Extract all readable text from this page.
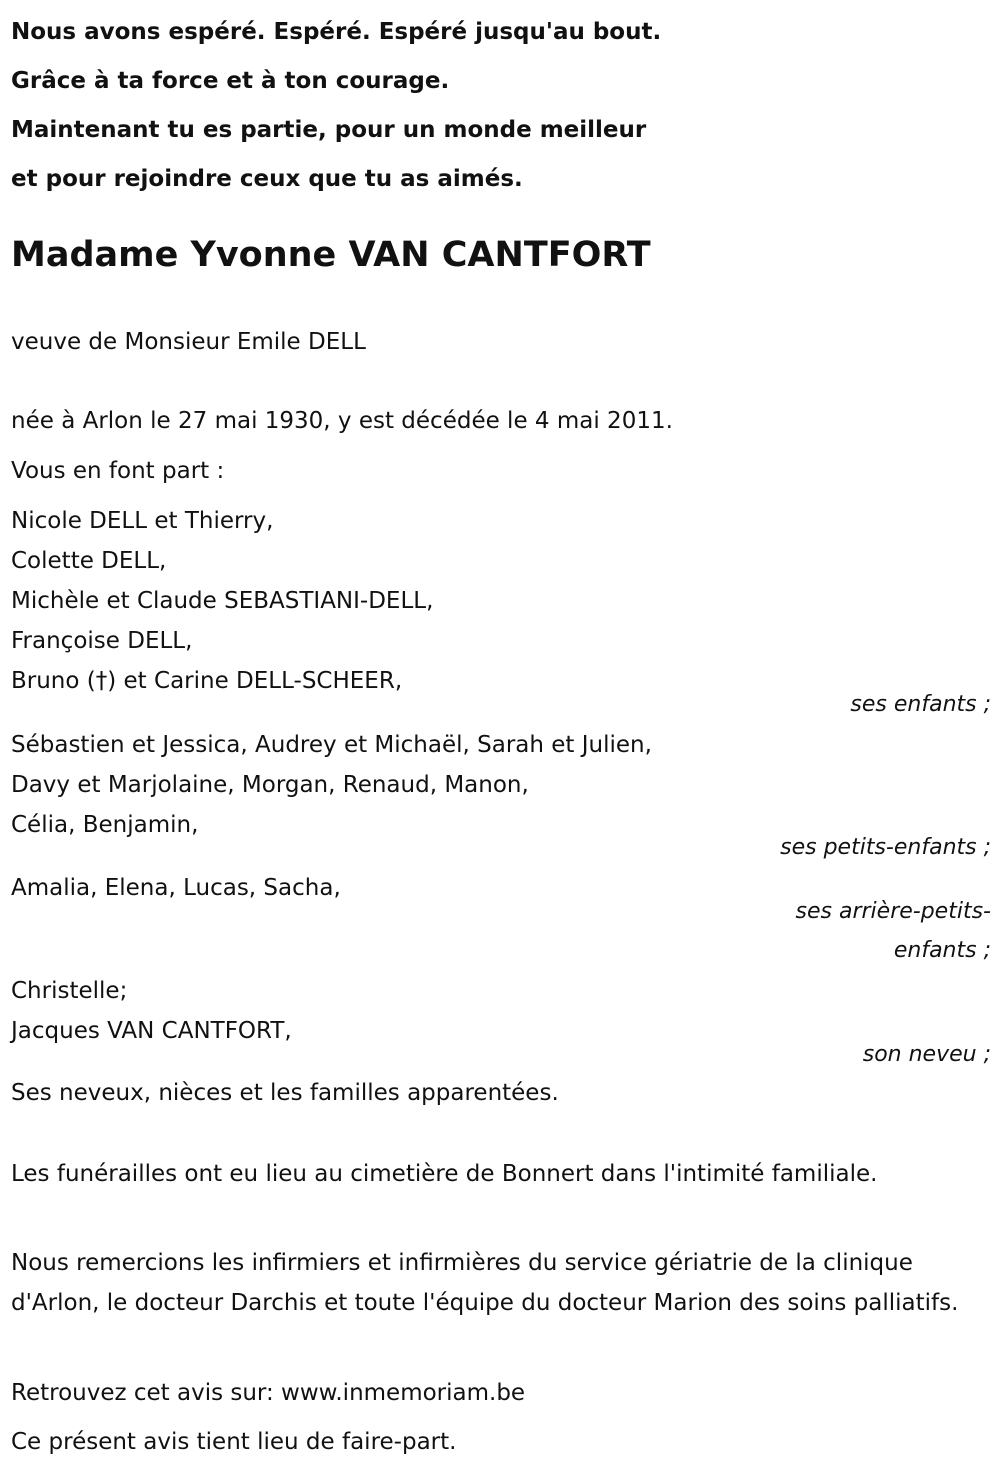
Nous avons espéré. Espéré. Espéré jusqu'au bout.
Grâce à ta force et à ton courage.
Maintenant tu es partie, pour un monde meilleur
et pour rejoindre ceux que tu as aimés.
Madame Yvonne VAN CANTFORT
veuve de Monsieur Emile DELL
née à Arlon le 27 mai 1930, y est décédée le 4 mai 2011.
Vous en font part :
Nicole DELL et Thierry,
Colette DELL,
Michèle et Claude SEBASTIANI-DELL,
Françoise DELL,
Bruno (†) et Carine DELL-SCHEER,
ses enfants ;
Sébastien et Jessica, Audrey et Michaël, Sarah et Julien,
Davy et Marjolaine, Morgan, Renaud, Manon,
Célia, Benjamin,
ses petits-enfants ;
Amalia, Elena, Lucas, Sacha,
ses arrière-petits-
enfants ;
Christelle;
Jacques VAN CANTFORT,
son neveu ;
Ses neveux, nièces et les familles apparentées.
Les funérailles ont eu lieu au cimetière de Bonnert dans l'intimité familiale.
Nous remercions les infirmiers et infirmières du service gériatrie de la clinique d'Arlon, le docteur Darchis et toute l'équipe du docteur Marion des soins palliatifs.
Retrouvez cet avis sur: www.inmemoriam.be
Ce présent avis tient lieu de faire-part.
